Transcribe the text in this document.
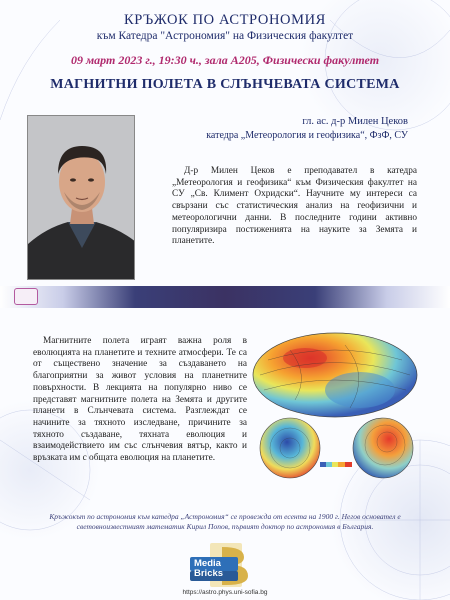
КРЪЖОК ПО АСТРОНОМИЯ
към Катедра "Астрономия" на Физическия факултет
09 март 2023 г., 19:30 ч., зала А205, Физически факултет
МАГНИТНИ ПОЛЕТА В СЛЪНЧЕВАТА СИСТЕМА
гл. ас. д-р Милен Цеков
катедра „Метеорология и геофизика“, ФзФ, СУ

Д-р Милен Цеков е преподавател в катедра „Метеорология и геофизика“ към Физическия факултет на СУ „Св. Климент Охридски“. Научните му интереси са свързани със статистическия анализ на геофизични и метеорологични данни. В последните години активно популяризира постиженията на науките за Земята и планетите.

Магнитните полета играят важна роля в еволюцията на планетите и техните атмосфери. Те са от съществено значение за създаването на благоприятни за живот условия на планетните повърхности. В лекцията на популярно ниво се представят магнитните полета на Земята и другите планети в Слънчевата система. Разглеждат се начините за тяхното изследване, причините за тяхното създаване, тяхната еволюция и взаимодействието им със слънчевия вятър, както и връзката им с общата еволюция на планетите.

Кръжокът по астрономия към катедра „Астрономия“ се провежда от есента на 1900 г. Негов основател е световноизвестният математик Кирил Попов, първият доктор по астрономия в България.

Media
Bricks
https://astro.phys.uni-sofia.bg
